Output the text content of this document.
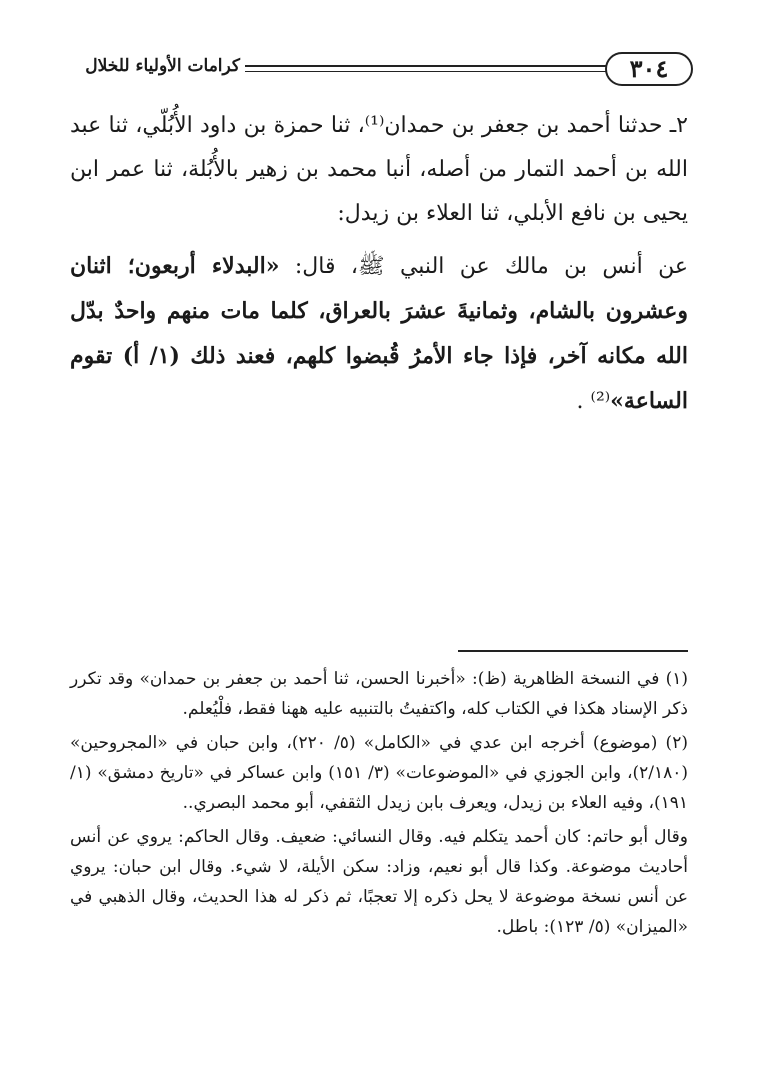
كرامات الأولياء للخلال	٣٠٤

٢ـ حدثنا أحمد بن جعفر بن حمدان⁽¹⁾، ثنا حمزة بن داود الأُبُلّي، ثنا عبد الله بن أحمد التمار من أصله، أنبا محمد بن زهير بالأُبُلة، ثنا عمر ابن يحيى بن نافع الأبلي، ثنا العلاء بن زيدل:

عن أنس بن مالك عن النبي ﷺ، قال: «البدلاء أربعون؛ اثنان وعشرون بالشام، وثمانيةَ عشرَ بالعراق، كلما مات منهم واحدٌ بدّل الله مكانه آخر، فإذا جاء الأمرُ قُبضوا كلهم، فعند ذلك (١/ أ) تقوم الساعة»⁽²⁾ .

(١) في النسخة الظاهرية (ظ): «أخبرنا الحسن، ثنا أحمد بن جعفر بن حمدان» وقد تكرر ذكر الإسناد هكذا في الكتاب كله، واكتفيتُ بالتنبيه عليه ههنا فقط، فلْيُعلم.

(٢) (موضوع) أخرجه ابن عدي في «الكامل» (٥/ ٢٢٠)، وابن حبان في «المجروحين» (٢/١٨٠)، وابن الجوزي في «الموضوعات» (٣/ ١٥١) وابن عساكر في «تاريخ دمشق» (١/ ١٩١)، وفيه العلاء بن زيدل، ويعرف بابن زيدل الثقفي، أبو محمد البصري..

وقال أبو حاتم: كان أحمد يتكلم فيه. وقال النسائي: ضعيف. وقال الحاكم: يروي عن أنس أحاديث موضوعة. وكذا قال أبو نعيم، وزاد: سكن الأيلة، لا شيء. وقال ابن حبان: يروي عن أنس نسخة موضوعة لا يحل ذكره إلا تعجبًا، ثم ذكر له هذا الحديث، وقال الذهبي في «الميزان» (٥/ ١٢٣): باطل.
